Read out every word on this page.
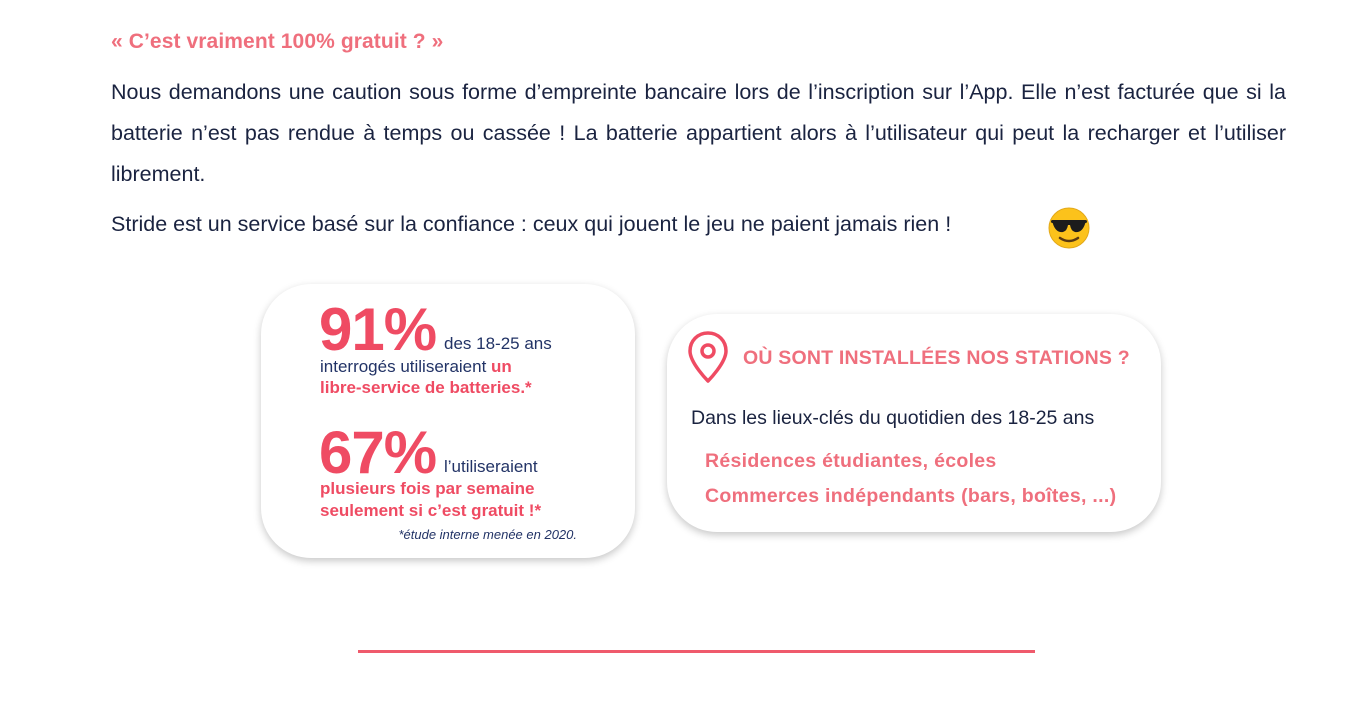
« C’est vraiment 100% gratuit ? »
Nous demandons une caution sous forme d’empreinte bancaire lors de l’inscription sur l’App. Elle n’est facturée que si la batterie n’est pas rendue à temps ou cassée ! La batterie appartient alors à l’utilisateur qui peut la recharger et l’utiliser librement.
Stride est un service basé sur la confiance : ceux qui jouent le jeu ne paient jamais rien !
91% des 18-25 ans
interrogés utiliseraient un
libre-service de batteries.*
67% l’utiliseraient
plusieurs fois par semaine
seulement si c’est gratuit !*
*étude interne menée en 2020.
OÙ SONT INSTALLÉES NOS STATIONS ?
Dans les lieux-clés du quotidien des 18-25 ans
Résidences étudiantes, écoles
Commerces indépendants (bars, boîtes, ...)
